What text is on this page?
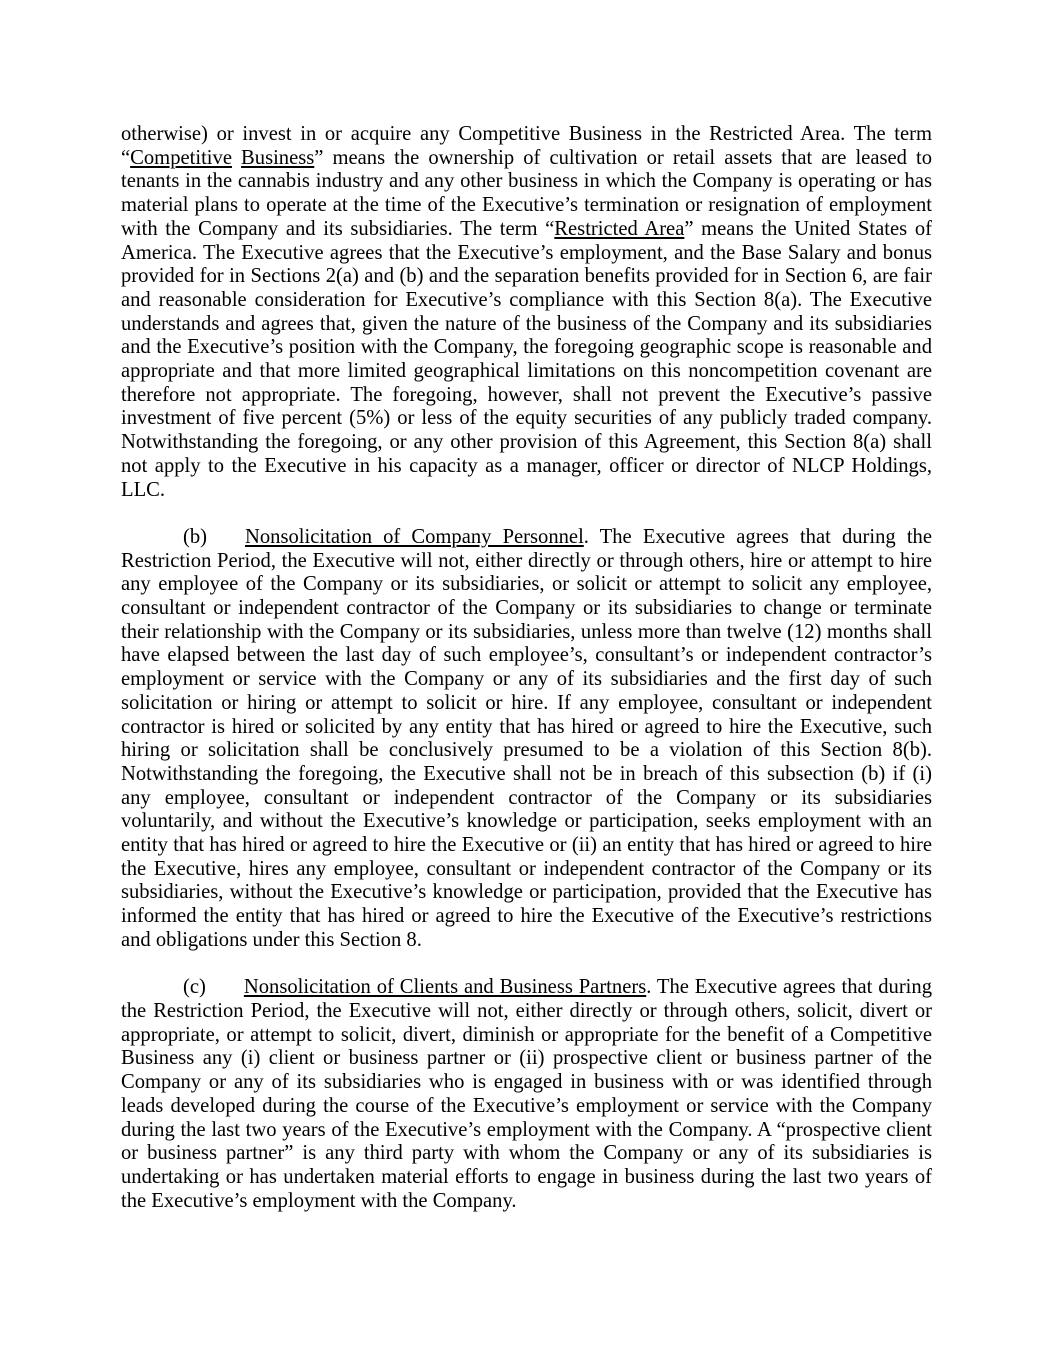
otherwise) or invest in or acquire any Competitive Business in the Restricted Area. The term “Competitive Business” means the ownership of cultivation or retail assets that are leased to tenants in the cannabis industry and any other business in which the Company is operating or has material plans to operate at the time of the Executive’s termination or resignation of employment with the Company and its subsidiaries. The term “Restricted Area” means the United States of America. The Executive agrees that the Executive’s employment, and the Base Salary and bonus provided for in Sections 2(a) and (b) and the separation benefits provided for in Section 6, are fair and reasonable consideration for Executive’s compliance with this Section 8(a). The Executive understands and agrees that, given the nature of the business of the Company and its subsidiaries and the Executive’s position with the Company, the foregoing geographic scope is reasonable and appropriate and that more limited geographical limitations on this noncompetition covenant are therefore not appropriate. The foregoing, however, shall not prevent the Executive’s passive investment of five percent (5%) or less of the equity securities of any publicly traded company. Notwithstanding the foregoing, or any other provision of this Agreement, this Section 8(a) shall not apply to the Executive in his capacity as a manager, officer or director of NLCP Holdings, LLC.

(b) Nonsolicitation of Company Personnel. The Executive agrees that during the Restriction Period, the Executive will not, either directly or through others, hire or attempt to hire any employee of the Company or its subsidiaries, or solicit or attempt to solicit any employee, consultant or independent contractor of the Company or its subsidiaries to change or terminate their relationship with the Company or its subsidiaries, unless more than twelve (12) months shall have elapsed between the last day of such employee’s, consultant’s or independent contractor’s employment or service with the Company or any of its subsidiaries and the first day of such solicitation or hiring or attempt to solicit or hire. If any employee, consultant or independent contractor is hired or solicited by any entity that has hired or agreed to hire the Executive, such hiring or solicitation shall be conclusively presumed to be a violation of this Section 8(b). Notwithstanding the foregoing, the Executive shall not be in breach of this subsection (b) if (i) any employee, consultant or independent contractor of the Company or its subsidiaries voluntarily, and without the Executive’s knowledge or participation, seeks employment with an entity that has hired or agreed to hire the Executive or (ii) an entity that has hired or agreed to hire the Executive, hires any employee, consultant or independent contractor of the Company or its subsidiaries, without the Executive’s knowledge or participation, provided that the Executive has informed the entity that has hired or agreed to hire the Executive of the Executive’s restrictions and obligations under this Section 8.

(c) Nonsolicitation of Clients and Business Partners. The Executive agrees that during the Restriction Period, the Executive will not, either directly or through others, solicit, divert or appropriate, or attempt to solicit, divert, diminish or appropriate for the benefit of a Competitive Business any (i) client or business partner or (ii) prospective client or business partner of the Company or any of its subsidiaries who is engaged in business with or was identified through leads developed during the course of the Executive’s employment or service with the Company during the last two years of the Executive’s employment with the Company. A “prospective client or business partner” is any third party with whom the Company or any of its subsidiaries is undertaking or has undertaken material efforts to engage in business during the last two years of the Executive’s employment with the Company.
